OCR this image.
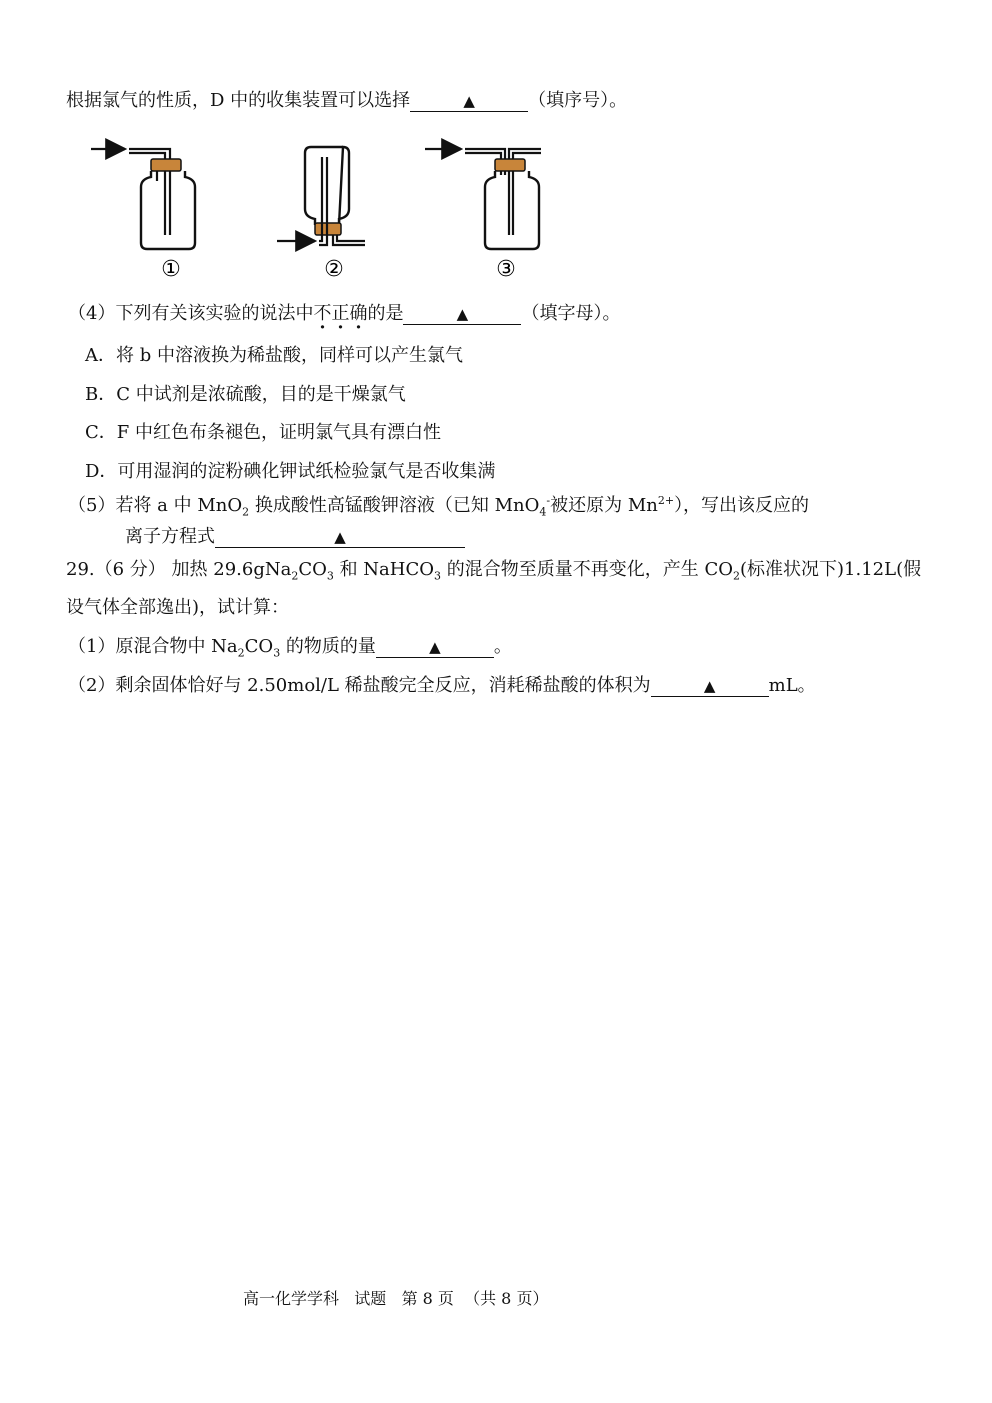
根据氯气的性质，D 中的收集装置可以选择	▲	（填序号）。
①	②	③
（4）下列有关该实验的说法中不正确的是	▲	（填字母）。
A．将 b 中溶液换为稀盐酸，同样可以产生氯气
B．C 中试剂是浓硫酸，目的是干燥氯气
C．F 中红色布条褪色，证明氯气具有漂白性
D．可用湿润的淀粉碘化钾试纸检验氯气是否收集满
（5）若将 a 中 MnO$_2$ 换成酸性高锰酸钾溶液（已知 MnO$_4$-被还原为 $Mn^{2+}$），写出该反应的
离子方程式	▲
29.（6 分） 加热 $29.6gNa_2CO_3$ 和 NaHCO$_3$ 的混合物至质量不再变化，产生 $CO_2$(标准状况下)1.12L(假
设气体全部逸出)，试计算：
（1）原混合物中 $Na_2CO_3$ 的物质的量	▲	。
（2）剩余固体恰好与 2.50mol/L 稀盐酸完全反应，消耗稀盐酸的体积为	▲	mL。
高一化学学科 试题 第 8 页 （共 8 页）
